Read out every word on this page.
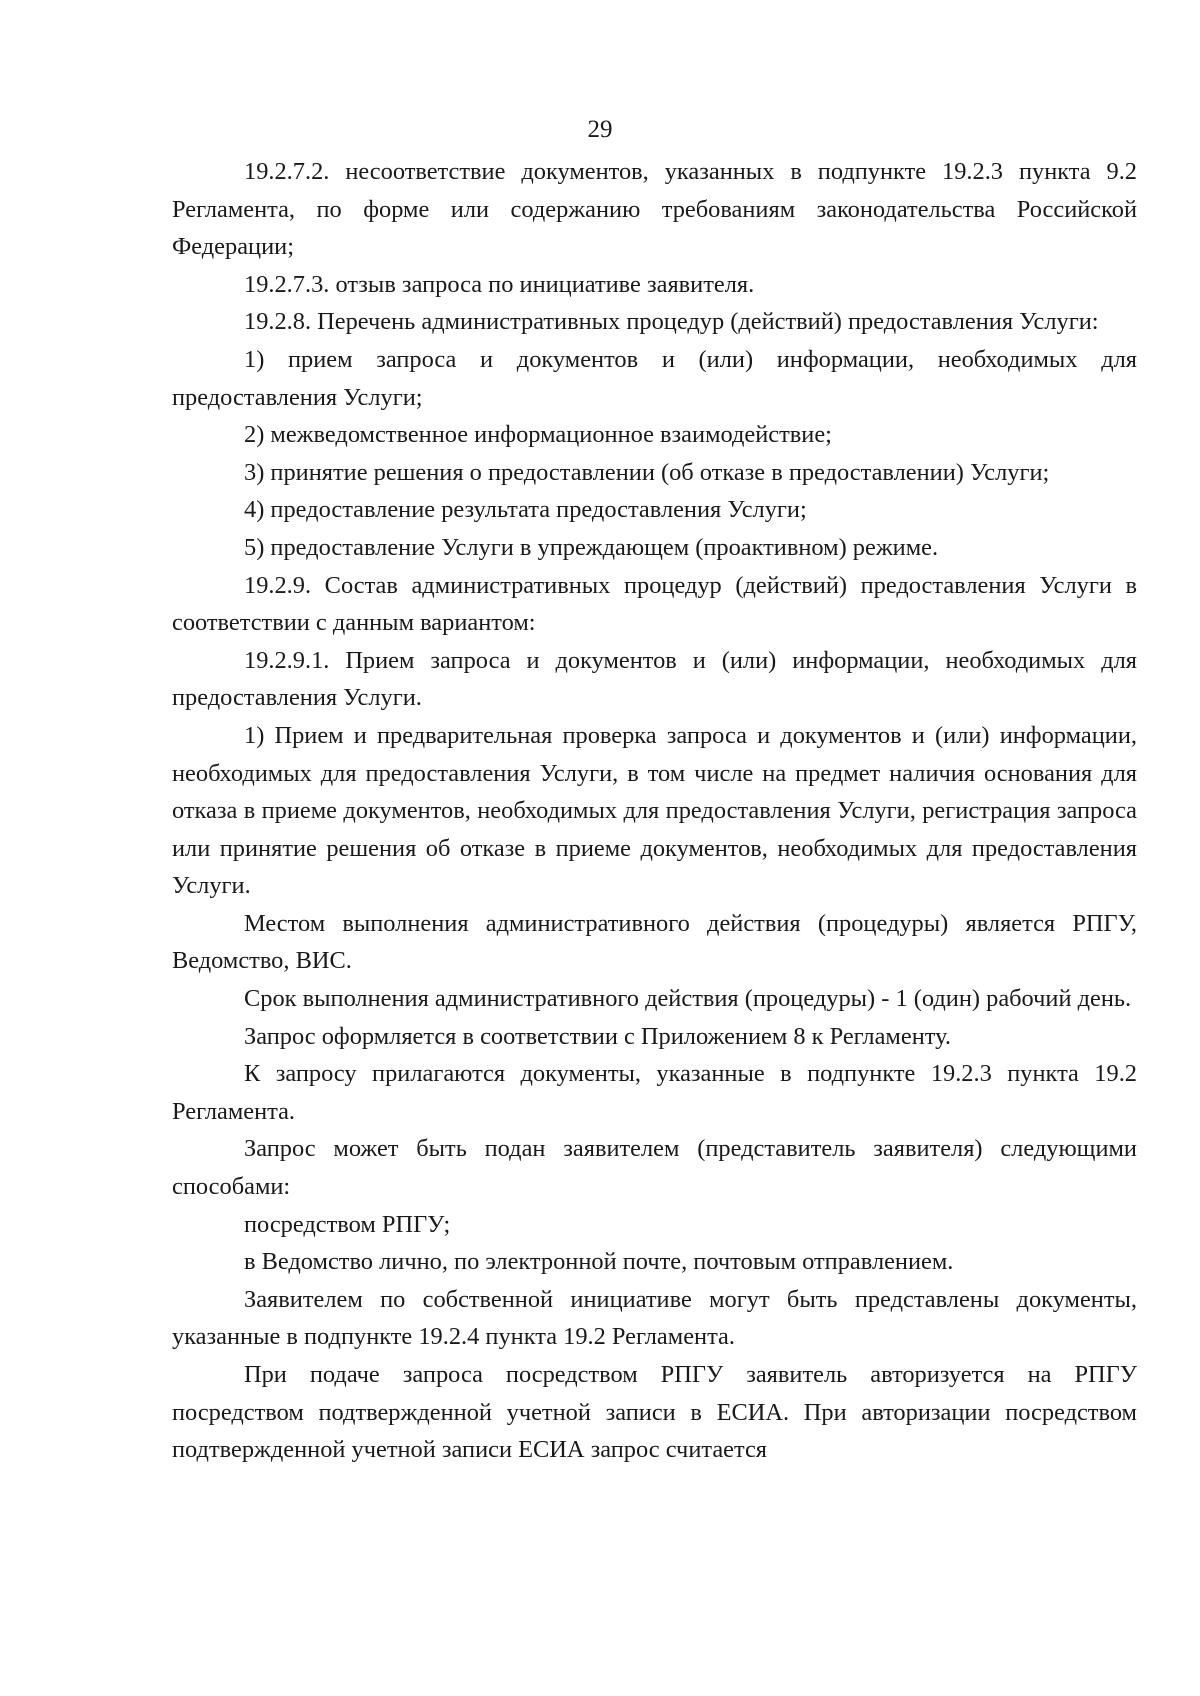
29

19.2.7.2. несоответствие документов, указанных в подпункте 19.2.3 пункта 9.2 Регламента, по форме или содержанию требованиям законодательства Российской Федерации;

19.2.7.3. отзыв запроса по инициативе заявителя.

19.2.8. Перечень административных процедур (действий) предоставления Услуги:

1) прием запроса и документов и (или) информации, необходимых для предоставления Услуги;

2) межведомственное информационное взаимодействие;

3) принятие решения о предоставлении (об отказе в предоставлении) Услуги;

4) предоставление результата предоставления Услуги;

5) предоставление Услуги в упреждающем (проактивном) режиме.

19.2.9. Состав административных процедур (действий) предоставления Услуги в соответствии с данным вариантом:

19.2.9.1. Прием запроса и документов и (или) информации, необходимых для предоставления Услуги.

1) Прием и предварительная проверка запроса и документов и (или) информации, необходимых для предоставления Услуги, в том числе на предмет наличия основания для отказа в приеме документов, необходимых для предоставления Услуги, регистрация запроса или принятие решения об отказе в приеме документов, необходимых для предоставления Услуги.

Местом выполнения административного действия (процедуры) является РПГУ, Ведомство, ВИС.

Срок выполнения административного действия (процедуры) - 1 (один) рабочий день.

Запрос оформляется в соответствии с Приложением 8 к Регламенту.

К запросу прилагаются документы, указанные в подпункте 19.2.3 пункта 19.2 Регламента.

Запрос может быть подан заявителем (представитель заявителя) следующими способами:

посредством РПГУ;

в Ведомство лично, по электронной почте, почтовым отправлением.

Заявителем по собственной инициативе могут быть представлены документы, указанные в подпункте 19.2.4 пункта 19.2 Регламента.

При подаче запроса посредством РПГУ заявитель авторизуется на РПГУ посредством подтвержденной учетной записи в ЕСИА. При авторизации посредством подтвержденной учетной записи ЕСИА запрос считается
